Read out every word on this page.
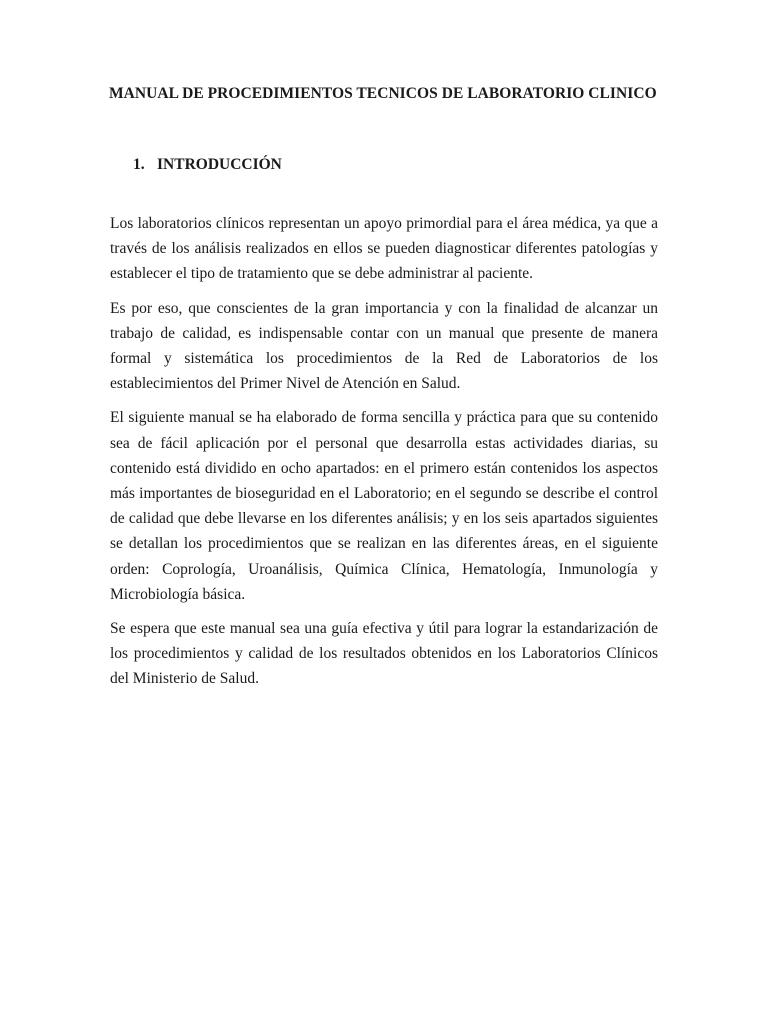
MANUAL DE PROCEDIMIENTOS TECNICOS DE LABORATORIO CLINICO
1. INTRODUCCIÓN

Los laboratorios clínicos representan un apoyo primordial para el área médica, ya que a través de los análisis realizados en ellos se pueden diagnosticar diferentes patologías y establecer el tipo de tratamiento que se debe administrar al paciente.

Es por eso, que conscientes de la gran importancia y con la finalidad de alcanzar un trabajo de calidad, es indispensable contar con un manual que presente de manera formal y sistemática los procedimientos de la Red de Laboratorios de los establecimientos del Primer Nivel de Atención en Salud.

El siguiente manual se ha elaborado de forma sencilla y práctica para que su contenido sea de fácil aplicación por el personal que desarrolla estas actividades diarias, su contenido está dividido en ocho apartados: en el primero están contenidos los aspectos más importantes de bioseguridad en el Laboratorio; en el segundo se describe el control de calidad que debe llevarse en los diferentes análisis; y en los seis apartados siguientes se detallan los procedimientos que se realizan en las diferentes áreas, en el siguiente orden: Coprología, Uroanálisis, Química Clínica, Hematología, Inmunología y Microbiología básica.

Se espera que este manual sea una guía efectiva y útil para lograr la estandarización de los procedimientos y calidad de los resultados obtenidos en los Laboratorios Clínicos del Ministerio de Salud.
